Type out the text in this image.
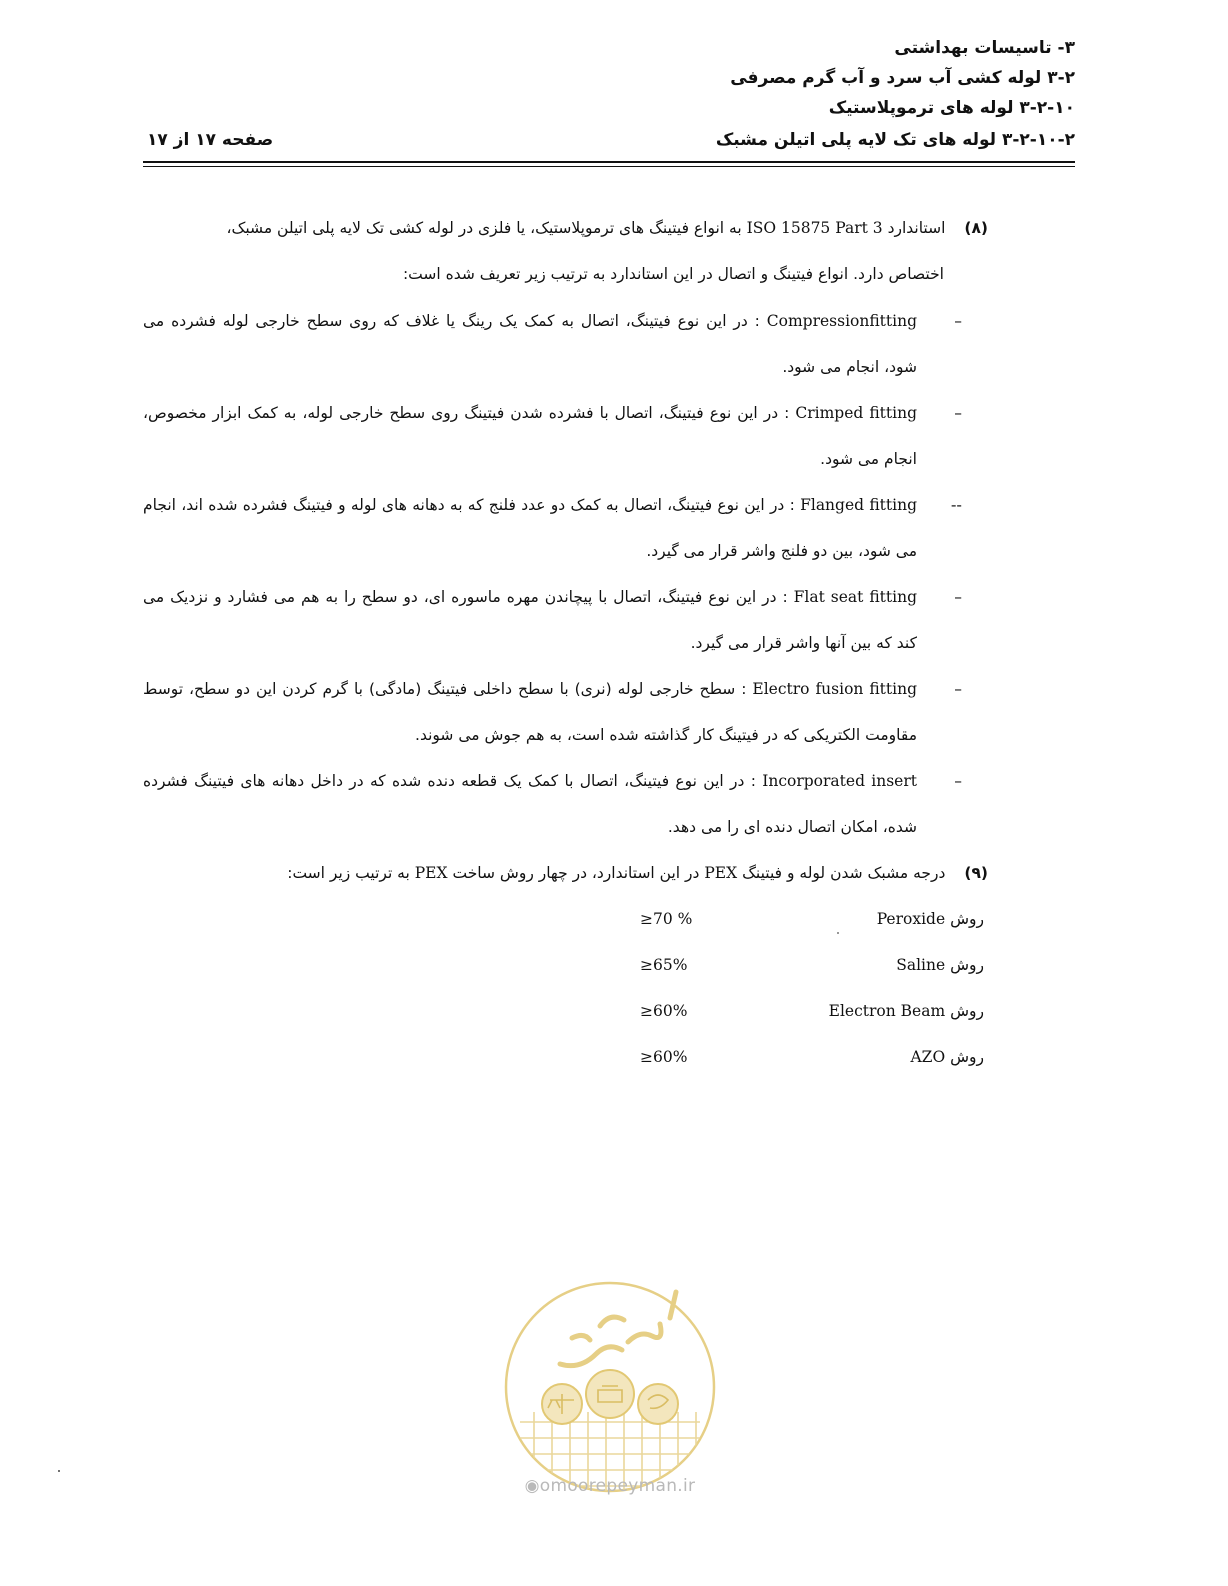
۳- تاسیسات بهداشتی
۳-۲ لوله کشی آب سرد و آب گرم مصرفی
۳-۲-۱۰ لوله های ترموپلاستیک
۳-۲-۱۰-۲ لوله های تک لایه پلی اتیلن مشبک
صفحه ۱۷ از ۱۷
(۸) استاندارد ISO 15875 Part 3 به انواع فیتینگ های ترموپلاستیک، یا فلزی در لوله کشی تک لایه پلی اتیلن مشبک،
اختصاص دارد. انواع فیتینگ و اتصال در این استاندارد به ترتیب زیر تعریف شده است:
–
Compressionfitting : در این نوع فیتینگ، اتصال به کمک یک رینگ یا غلاف که روی سطح خارجی لوله فشرده می شود، انجام می شود.
–
Crimped fitting : در این نوع فیتینگ، اتصال با فشرده شدن فیتینگ روی سطح خارجی لوله، به کمک ابزار مخصوص، انجام می شود.
--
Flanged fitting : در این نوع فیتینگ، اتصال به کمک دو عدد فلنج که به دهانه های لوله و فیتینگ فشرده شده اند، انجام می شود، بین دو فلنج واشر قرار می گیرد.
–
Flat seat fitting : در این نوع فیتینگ، اتصال با پیچاندن مهره ماسوره ای، دو سطح را به هم می فشارد و نزدیک می کند که بین آنها واشر قرار می گیرد.
–
Electro fusion fitting : سطح خارجی لوله (نری) با سطح داخلی فیتینگ (مادگی) با گرم کردن این دو سطح، توسط مقاومت الکتریکی که در فیتینگ کار گذاشته شده است، به هم جوش می شوند.
–
Incorporated insert : در این نوع فیتینگ، اتصال با کمک یک قطعه دنده شده که در داخل دهانه های فیتینگ فشرده شده، امکان اتصال دنده ای را می دهد.
(۹) درجه مشبک شدن لوله و فیتینگ PEX در این استاندارد، در چهار روش ساخت PEX به ترتیب زیر است:
روش Peroxide
≥70 %
روش Saline
≥65%
روش Electron Beam
≥60%
روش AZO
≥60%
◉omoorepeyman.ir
